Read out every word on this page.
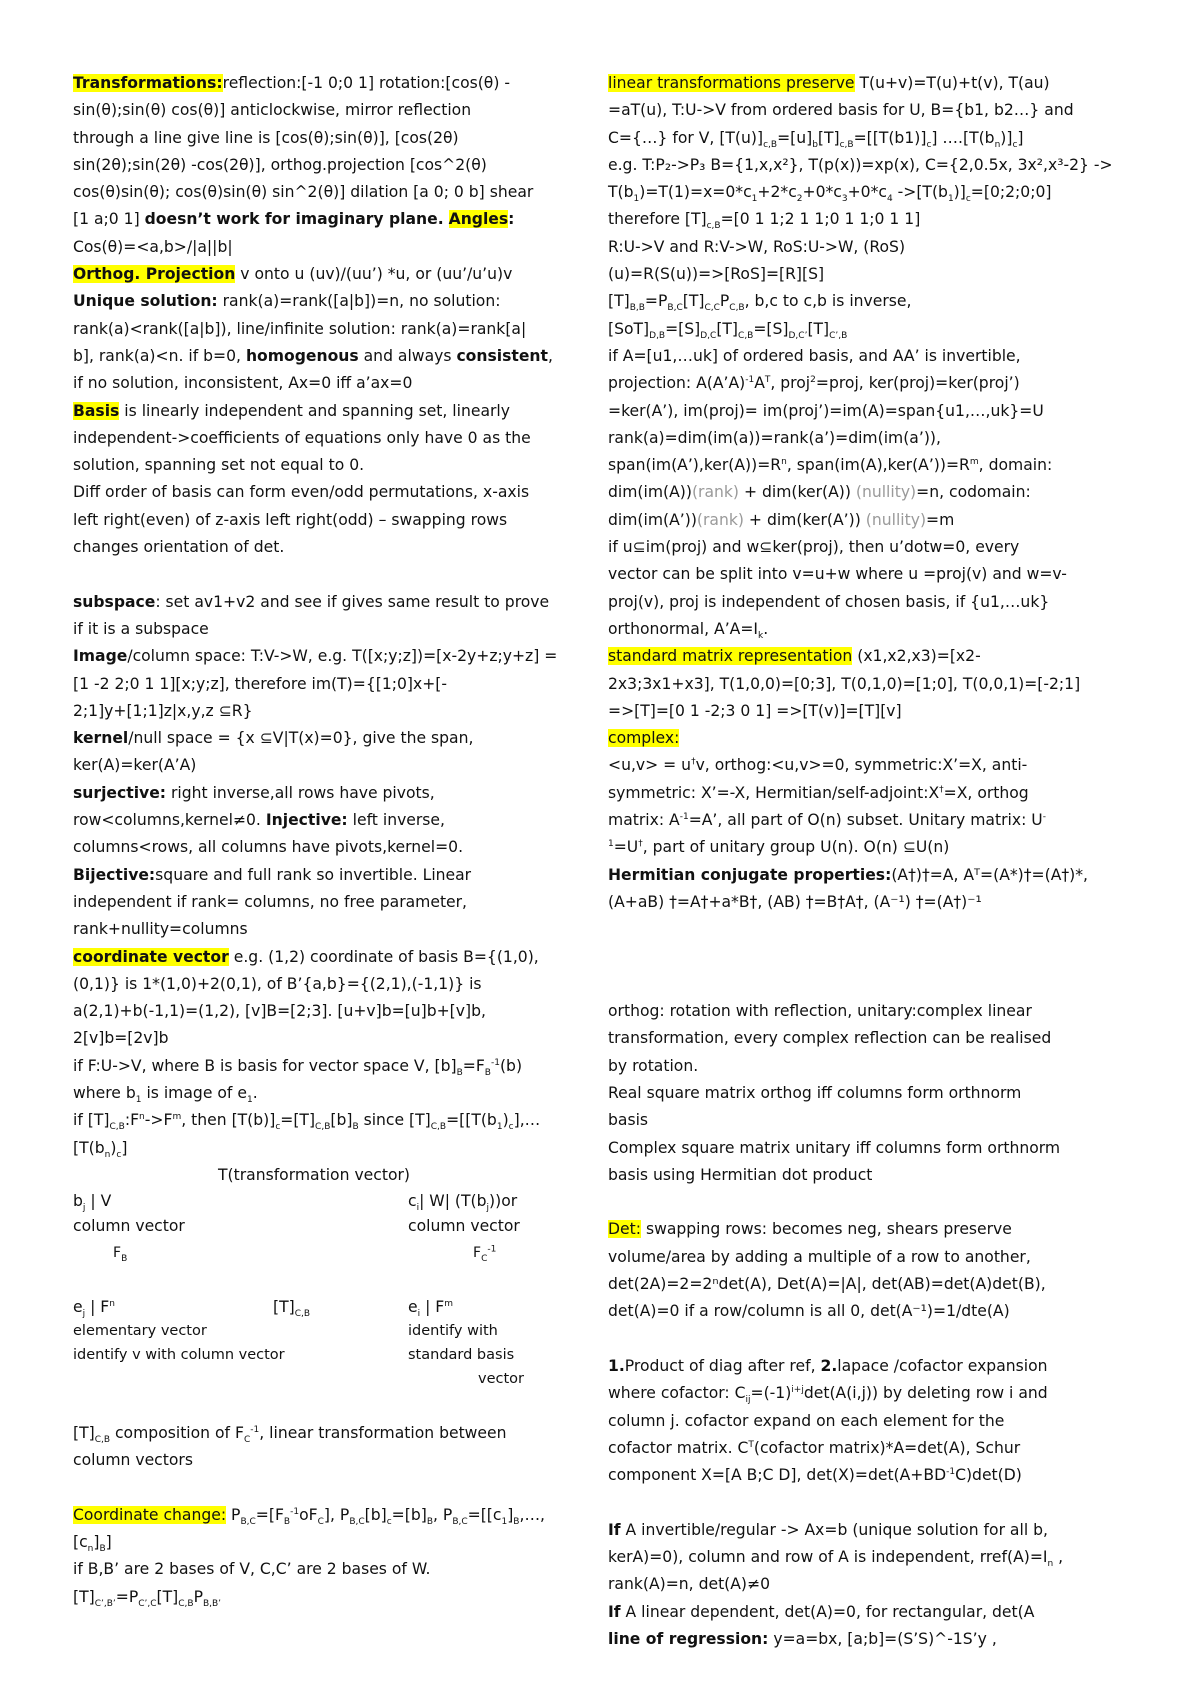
Transformations:reflection:[-1 0;0 1] rotation:[cos(θ) -
sin(θ);sin(θ) cos(θ)] anticlockwise, mirror reflection
through a line give line is [cos(θ);sin(θ)], [cos(2θ)
sin(2θ);sin(2θ) -cos(2θ)], orthog.projection [cos^2(θ)
cos(θ)sin(θ); cos(θ)sin(θ) sin^2(θ)] dilation [a 0; 0 b] shear
[1 a;0 1] doesn’t work for imaginary plane. Angles:
Cos(θ)=<a,b>/|a||b|
Orthog. Projection v onto u (uv)/(uu’) *u, or (uu’/u’u)v
Unique solution: rank(a)=rank([a|b])=n, no solution:
rank(a)<rank([a|b]), line/infinite solution: rank(a)=rank[a|
b], rank(a)<n. if b=0, homogenous and always consistent,
if no solution, inconsistent, Ax=0 iff a’ax=0
Basis is linearly independent and spanning set, linearly
independent->coefficients of equations only have 0 as the
solution, spanning set not equal to 0.
Diff order of basis can form even/odd permutations, x-axis
left right(even) of z-axis left right(odd) – swapping rows
changes orientation of det.
subspace: set av1+v2 and see if gives same result to prove
if it is a subspace
Image/column space: T:V->W, e.g. T([x;y;z])=[x-2y+z;y+z] =
[1 -2 2;0 1 1][x;y;z], therefore im(T)={[1;0]x+[-
2;1]y+[1;1]z|x,y,z ⊆R}
kernel/null space = {x ⊆V|T(x)=0}, give the span,
ker(A)=ker(A’A)
surjective: right inverse,all rows have pivots,
row<columns,kernel≠0. Injective: left inverse,
columns<rows, all columns have pivots,kernel=0.
Bijective:square and full rank so invertible. Linear
independent if rank= columns, no free parameter,
rank+nullity=columns
coordinate vector e.g. (1,2) coordinate of basis B={(1,0),
(0,1)} is 1*(1,0)+2(0,1), of B’{a,b}={(2,1),(-1,1)} is
a(2,1)+b(-1,1)=(1,2), [v]B=[2;3]. [u+v]b=[u]b+[v]b,
2[v]b=[2v]b
if F:U->V, where B is basis for vector space V, $[b]_B=F_B^{-1}(b)$
where $b_1$ is image of $e_1$.
if $[T]_{C,B}:F^n->F^m$, then $[T(b)]_c=[T]_{C,B}[b]_B$ since $[T]_{C,B}=[[T(b_1)_c],\dots$
$[T(b_n)_c]$
T(transformation vector)
$b_j$ | V
column vector
$c_i|$ W| $(T(b_j))or$
column vector
$F_B$	$F_C^{-1}$
$e_j$ | $F^n$	$[T]_{C,B}$	$e_i$ | $F^m$
elementary vector	identify with
identify v with column vector	standard basis
vector
$[T]_{C,B}$ composition of $F_C^{-1}$, linear transformation between
column vectors
Coordinate change: $P_{B,C}=[F_B^{-1}oF_C]$, $P_{B,C}[b]_c=[b]_B$, $P_{B,C}=[[c_1]_B,\dots$,
$[c_n]_B$]
if B,B’ are 2 bases of V, C,C’ are 2 bases of W.
$[T]_{C’,B’}=P_{C’,C}[T]_{C,B}P_{B,B’}$
linear transformations preserve T(u+v)=T(u)+t(v), T(au)
=aT(u), T:U->V from ordered basis for U, B={b1, b2…} and
C={…} for V, $[T(u)]_{c,B}=[u]_b[T]_{c,B}=[[T(b1)]_c]$ $\dots.[T(b_n)]_c$]
e.g. T:P₂->P₃ B={1,x,x²}, T(p(x))=xp(x), C={2,0.5x, 3x²,x³-2} ->
$T(b_1)=T(1)=x=0*c_1+2*c_2+0*c_3+0*c_4$ $->[T(b_1)]_c=[0;2;0;0]$
therefore $[T]_{c,B}=[0$ 1 1;2 1 1;0 1 1;0 1 1]
R:U->V and R:V->W, RoS:U->W, (RoS)
(u)=R(S(u))=>[RoS]=[R][S]
$[T]_{B,B}=P_{B,C}[T]_{C,C}P_{C,B}$, b,c to c,b is inverse,
$[SoT]_{D,B}=[S]_{D,C}[T]_{C,B}=[S]_{D,C’}[T]_{C’,B}$
if A=[u1,…uk] of ordered basis, and AA’ is invertible,
projection: $A(A’A)^{-1}A^T$, proj$^2$=proj, ker(proj)=ker(proj’)
=ker(A’), im(proj)= im(proj’)=im(A)=span{u1,…,uk}=U
rank(a)=dim(im(a))=rank(a’)=dim(im(a’)),
$span(im(A’),ker(A))=R^n$, $span(im(A),ker(A’))=R^m$, domain:
dim(im(A))(rank) + dim(ker(A)) (nullity)=n, codomain:
dim(im(A’))(rank) + dim(ker(A’)) (nullity)=m
if u⊆im(proj) and w⊆ker(proj), then u’dotw=0, every
vector can be split into v=u+w where u =proj(v) and w=v-
proj(v), proj is independent of chosen basis, if {u1,…uk}
orthonormal, $A’A=I_k$.
standard matrix representation (x1,x2,x3)=[x2-
2x3;3x1+x3], T(1,0,0)=[0;3], T(0,1,0)=[1;0], T(0,0,1)=[-2;1]
=>[T]=[0 1 -2;3 0 1] =>[T(v)]=[T][v]
complex:
<u,v> = u†v, orthog:<u,v>=0, symmetric:X’=X, anti-
symmetric: X’=-X, Hermitian/self-adjoint:X†=X, orthog
matrix: $A^{-1}=A$’, all part of O(n) subset. Unitary matrix: U-
$^1$=U†, part of unitary group U(n). O(n) ⊆U(n)
Hermitian conjugate properties:(A†)†=A, Aᵀ=(A*)†=(A†)*,
(A+aB) †=A†+a*B†, (AB) †=B†A†, (A⁻¹) †=(A†)⁻¹
orthog: rotation with reflection, unitary:complex linear
transformation, every complex reflection can be realised
by rotation.
Real square matrix orthog iff columns form orthnorm
basis
Complex square matrix unitary iff columns form orthnorm
basis using Hermitian dot product
Det: swapping rows: becomes neg, shears preserve
volume/area by adding a multiple of a row to another,
det(2A)=2=2ⁿdet(A), Det(A)=|A|, det(AB)=det(A)det(B),
det(A)=0 if a row/column is all 0, det(A⁻¹)=1/dte(A)
1.Product of diag after ref, 2.lapace /cofactor expansion
where cofactor: $C_{ij}=(-1)^{i+j}\det(A(i,j))$ by deleting row i and
column j. cofactor expand on each element for the
cofactor matrix. $C^T(cofactor$ matrix)*A=det(A), Schur
component X=[A B;C D], $\det(X)=\det(A+BD^{-1}C)\det(D)$
If A invertible/regular -> Ax=b (unique solution for all b,
kerA)=0), column and row of A is independent, $rref(A)=I_n$ ,
rank(A)=n, det(A)≠0
If A linear dependent, det(A)=0, for rectangular, det(A
line of regression: y=a=bx, [a;b]=(S’S)^-1S’y ,
